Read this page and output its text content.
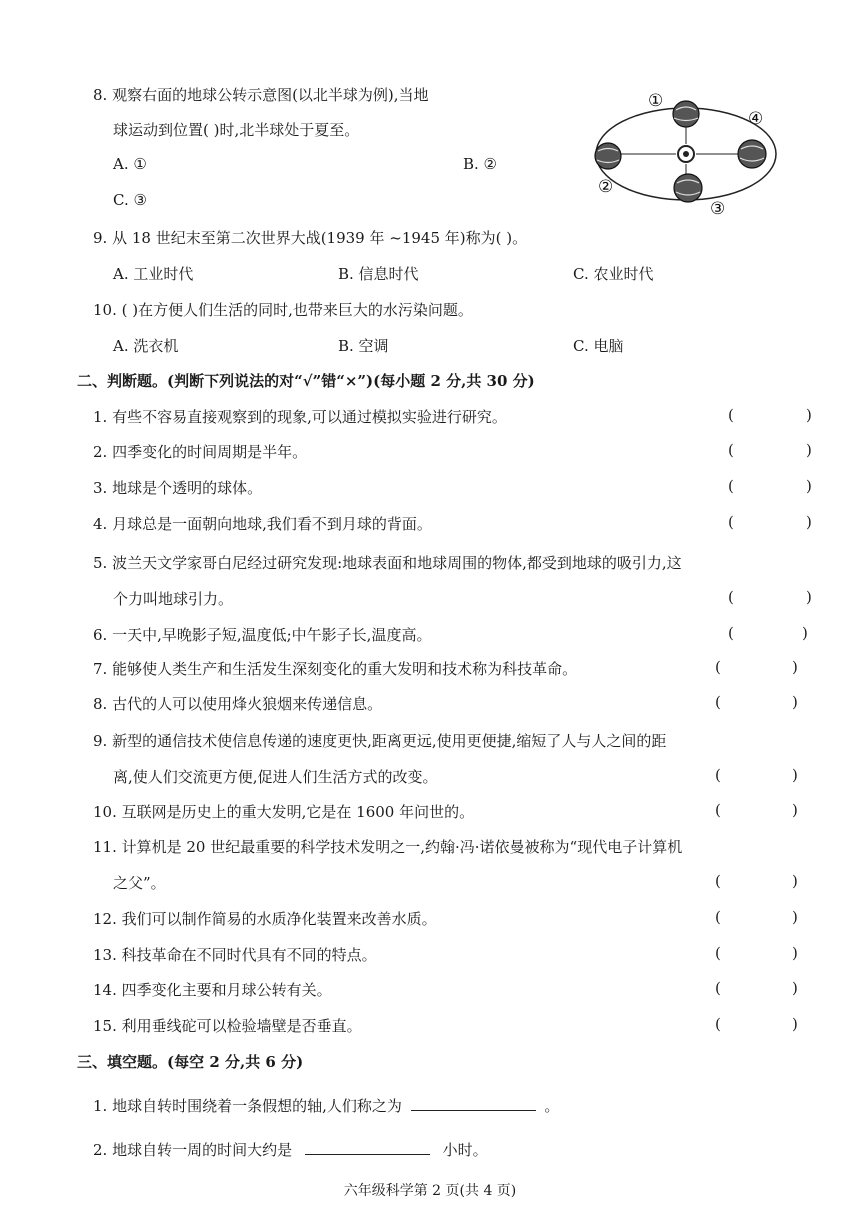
8. 观察右面的地球公转示意图(以北半球为例),当地
球运动到位置( )时,北半球处于夏至。
A. ①	B. ②
C. ③
①
②
③
④
9. 从 18 世纪末至第二次世界大战(1939 年 ~1945 年)称为( )。
A. 工业时代	B. 信息时代	C. 农业时代
10. ( )在方便人们生活的同时,也带来巨大的水污染问题。
A. 洗衣机	B. 空调	C. 电脑
二、判断题。(判断下列说法的对“√”错“×”)(每小题 2 分,共 30 分)
1. 有些不容易直接观察到的现象,可以通过模拟实验进行研究。	(	)
2. 四季变化的时间周期是半年。	(	)
3. 地球是个透明的球体。	(	)
4. 月球总是一面朝向地球,我们看不到月球的背面。	(	)
5. 波兰天文学家哥白尼经过研究发现:地球表面和地球周围的物体,都受到地球的吸引力,这
个力叫地球引力。	(	)
6. 一天中,早晚影子短,温度低;中午影子长,温度高。	(	)
7. 能够使人类生产和生活发生深刻变化的重大发明和技术称为科技革命。	(	)
8. 古代的人可以使用烽火狼烟来传递信息。	(	)
9. 新型的通信技术使信息传递的速度更快,距离更远,使用更便捷,缩短了人与人之间的距
离,使人们交流更方便,促进人们生活方式的改变。	(	)
10. 互联网是历史上的重大发明,它是在 1600 年问世的。	(	)
11. 计算机是 20 世纪最重要的科学技术发明之一,约翰·冯·诺依曼被称为“现代电子计算机
之父”。	(	)
12. 我们可以制作简易的水质净化装置来改善水质。	(	)
13. 科技革命在不同时代具有不同的特点。	(	)
14. 四季变化主要和月球公转有关。	(	)
15. 利用垂线砣可以检验墙壁是否垂直。	(	)
三、填空题。(每空 2 分,共 6 分)
1. 地球自转时围绕着一条假想的轴,人们称之为	。
2. 地球自转一周的时间大约是	小时。
六年级科学第 2 页(共 4 页)
